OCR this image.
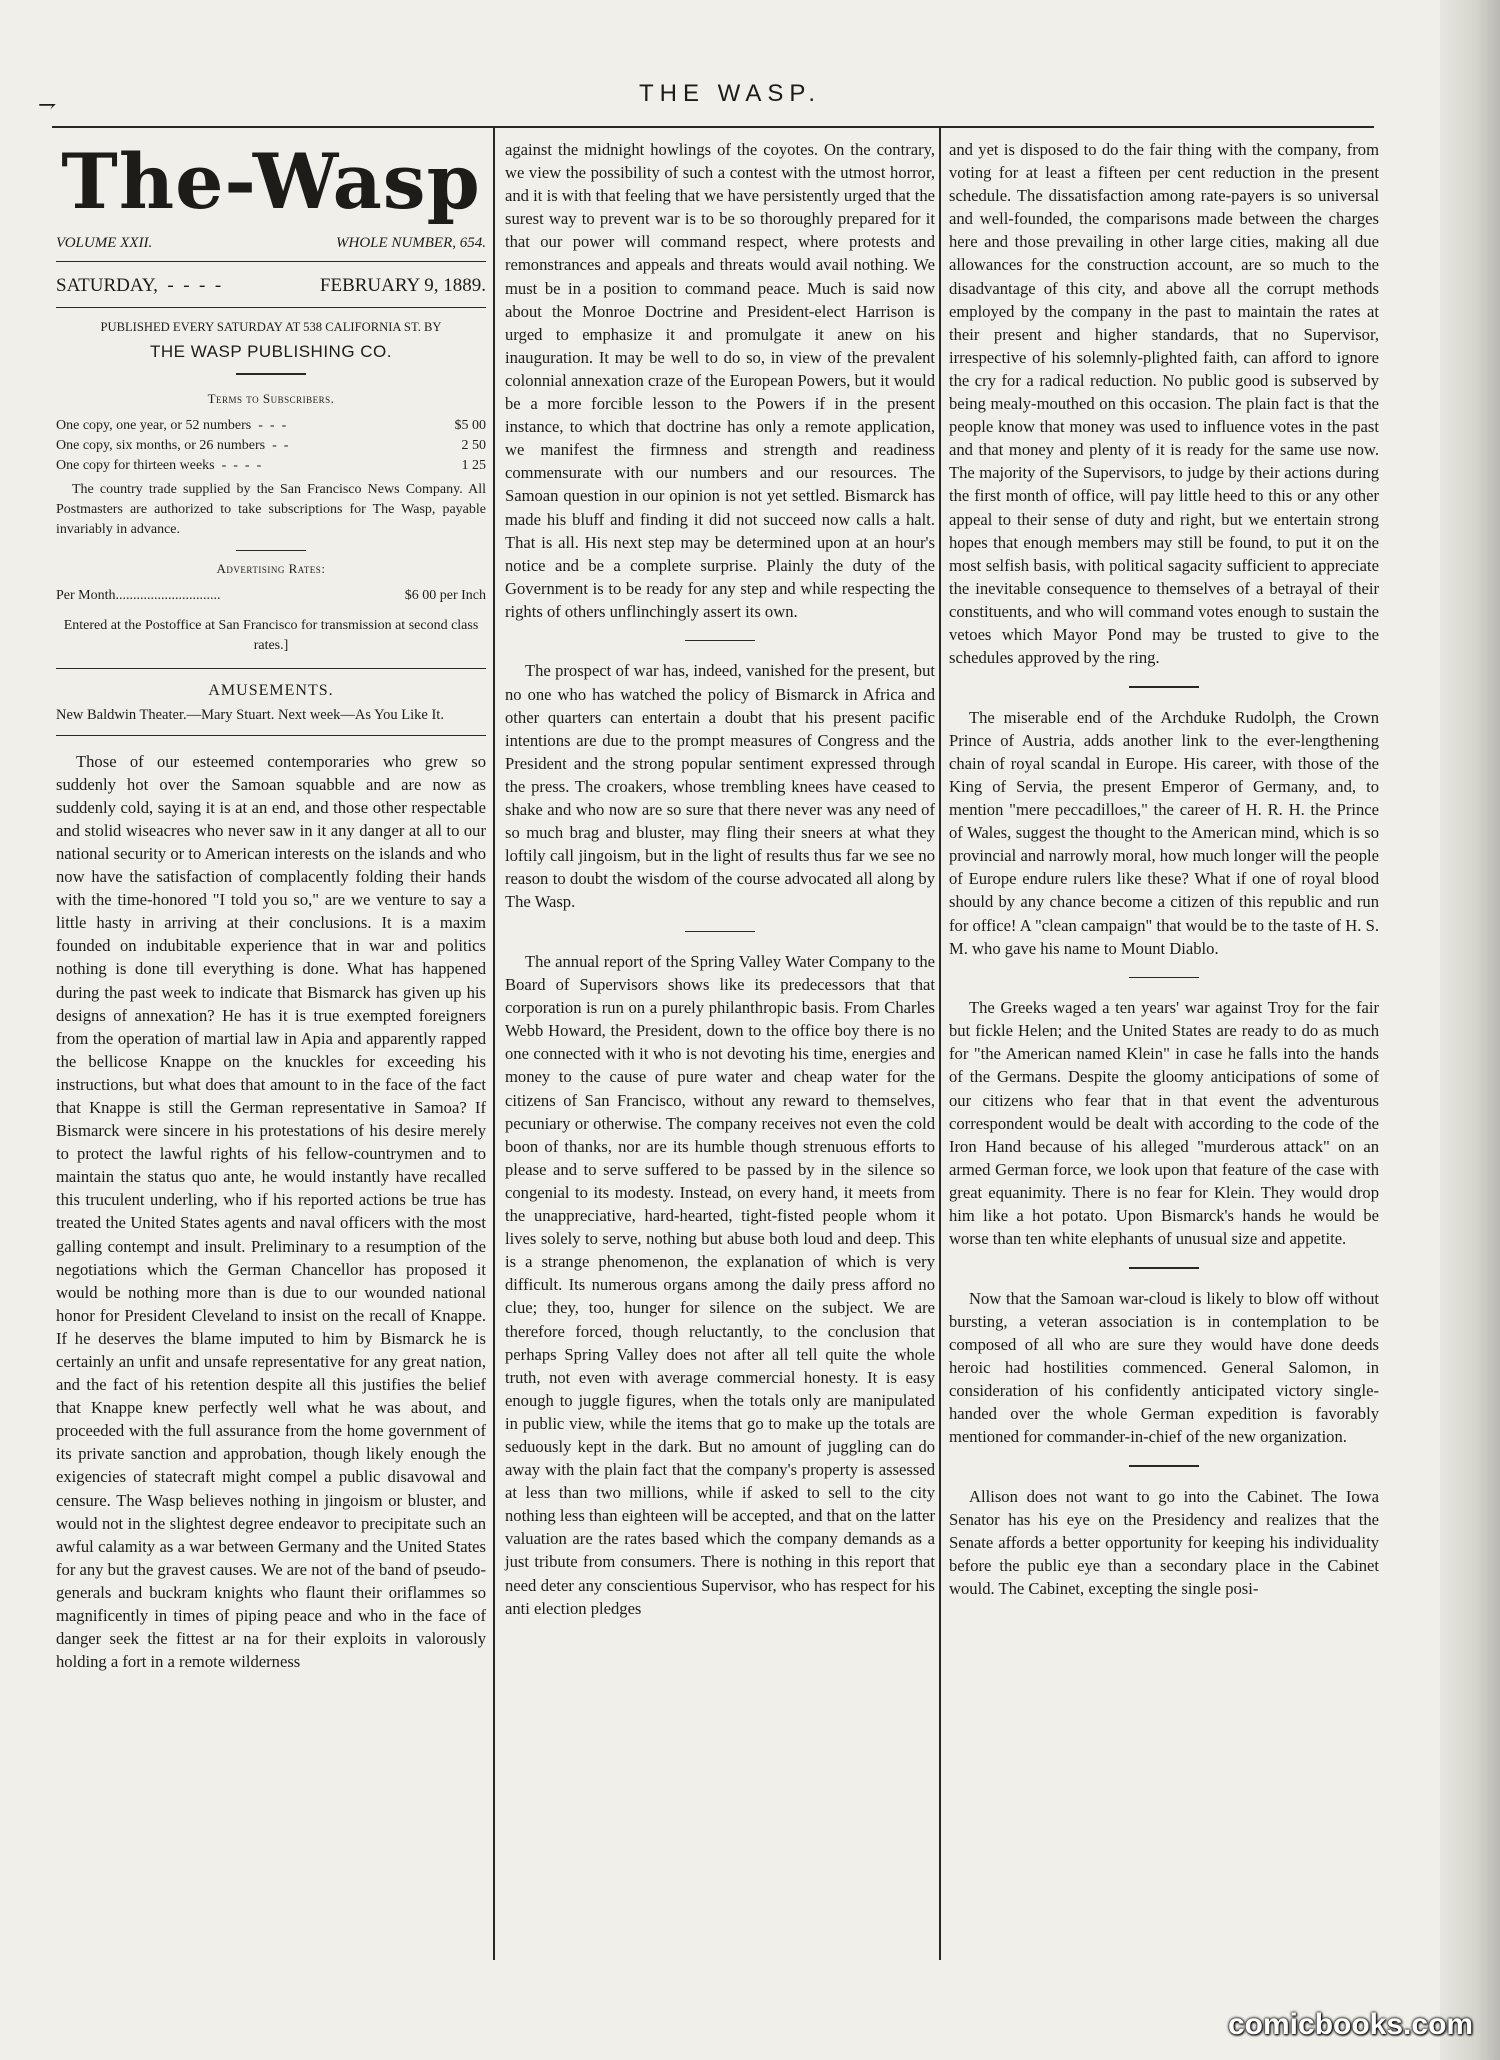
⇁	THE WASP.
The-Wasp
VOLUME XXII.	WHOLE NUMBER, 654.
SATURDAY,  -  -  -  -	FEBRUARY 9, 1889.
PUBLISHED EVERY SATURDAY AT 538 CALIFORNIA ST. BY
THE WASP PUBLISHING CO.
Terms to Subscribers.
One copy, one year, or 52 numbers  -  -  -	$5 00
One copy, six months, or 26 numbers  -  -	2 50
One copy for thirteen weeks  -  -  -  -	1 25
The country trade supplied by the San Francisco News Company. All Postmasters are authorized to take subscriptions for The Wasp, payable invariably in advance.
Advertising Rates:
Per Month..............................	$6 00 per Inch
Entered at the Postoffice at San Francisco for transmission at second class rates.]
AMUSEMENTS.
New Baldwin Theater.—Mary Stuart. Next week—As You Like It.

Those of our esteemed contemporaries who grew so suddenly hot over the Samoan squabble and are now as suddenly cold, saying it is at an end, and those other respectable and stolid wiseacres who never saw in it any danger at all to our national security or to American interests on the islands and who now have the satisfaction of complacently folding their hands with the time-honored "I told you so," are we venture to say a little hasty in arriving at their conclusions. It is a maxim founded on indubitable experience that in war and politics nothing is done till everything is done. What has happened during the past week to indicate that Bismarck has given up his designs of annexation? He has it is true exempted foreigners from the operation of martial law in Apia and apparently rapped the bellicose Knappe on the knuckles for exceeding his instructions, but what does that amount to in the face of the fact that Knappe is still the German representative in Samoa? If Bismarck were sincere in his protestations of his desire merely to protect the lawful rights of his fellow-countrymen and to maintain the status quo ante, he would instantly have recalled this truculent underling, who if his reported actions be true has treated the United States agents and naval officers with the most galling contempt and insult. Preliminary to a resumption of the negotiations which the German Chancellor has proposed it would be nothing more than is due to our wounded national honor for President Cleveland to insist on the recall of Knappe. If he deserves the blame imputed to him by Bismarck he is certainly an unfit and unsafe representative for any great nation, and the fact of his retention despite all this justifies the belief that Knappe knew perfectly well what he was about, and proceeded with the full assurance from the home government of its private sanction and approbation, though likely enough the exigencies of statecraft might compel a public disavowal and censure. The Wasp believes nothing in jingoism or bluster, and would not in the slightest degree endeavor to precipitate such an awful calamity as a war between Germany and the United States for any but the gravest causes. We are not of the band of pseudo-generals and buckram knights who flaunt their oriflammes so magnificently in times of piping peace and who in the face of danger seek the fittest ar na for their exploits in valorously holding a fort in a remote wilderness

against the midnight howlings of the coyotes. On the contrary, we view the possibility of such a contest with the utmost horror, and it is with that feeling that we have persistently urged that the surest way to prevent war is to be so thoroughly prepared for it that our power will command respect, where protests and remonstrances and appeals and threats would avail nothing. We must be in a position to command peace. Much is said now about the Monroe Doctrine and President-elect Harrison is urged to emphasize it and promulgate it anew on his inauguration. It may be well to do so, in view of the prevalent colonnial annexation craze of the European Powers, but it would be a more forcible lesson to the Powers if in the present instance, to which that doctrine has only a remote application, we manifest the firmness and strength and readiness commensurate with our numbers and our resources. The Samoan question in our opinion is not yet settled. Bismarck has made his bluff and finding it did not succeed now calls a halt. That is all. His next step may be determined upon at an hour's notice and be a complete surprise. Plainly the duty of the Government is to be ready for any step and while respecting the rights of others unflinchingly assert its own.

The prospect of war has, indeed, vanished for the present, but no one who has watched the policy of Bismarck in Africa and other quarters can entertain a doubt that his present pacific intentions are due to the prompt measures of Congress and the President and the strong popular sentiment expressed through the press. The croakers, whose trembling knees have ceased to shake and who now are so sure that there never was any need of so much brag and bluster, may fling their sneers at what they loftily call jingoism, but in the light of results thus far we see no reason to doubt the wisdom of the course advocated all along by The Wasp.

The annual report of the Spring Valley Water Company to the Board of Supervisors shows like its predecessors that that corporation is run on a purely philanthropic basis. From Charles Webb Howard, the President, down to the office boy there is no one connected with it who is not devoting his time, energies and money to the cause of pure water and cheap water for the citizens of San Francisco, without any reward to themselves, pecuniary or otherwise. The company receives not even the cold boon of thanks, nor are its humble though strenuous efforts to please and to serve suffered to be passed by in the silence so congenial to its modesty. Instead, on every hand, it meets from the unappreciative, hard-hearted, tight-fisted people whom it lives solely to serve, nothing but abuse both loud and deep. This is a strange phenomenon, the explanation of which is very difficult. Its numerous organs among the daily press afford no clue; they, too, hunger for silence on the subject. We are therefore forced, though reluctantly, to the conclusion that perhaps Spring Valley does not after all tell quite the whole truth, not even with average commercial honesty. It is easy enough to juggle figures, when the totals only are manipulated in public view, while the items that go to make up the totals are seduously kept in the dark. But no amount of juggling can do away with the plain fact that the company's property is assessed at less than two millions, while if asked to sell to the city nothing less than eighteen will be accepted, and that on the latter valuation are the rates based which the company demands as a just tribute from consumers. There is nothing in this report that need deter any conscientious Supervisor, who has respect for his anti election pledges

and yet is disposed to do the fair thing with the company, from voting for at least a fifteen per cent reduction in the present schedule. The dissatisfaction among rate-payers is so universal and well-founded, the comparisons made between the charges here and those prevailing in other large cities, making all due allowances for the construction account, are so much to the disadvantage of this city, and above all the corrupt methods employed by the company in the past to maintain the rates at their present and higher standards, that no Supervisor, irrespective of his solemnly-plighted faith, can afford to ignore the cry for a radical reduction. No public good is subserved by being mealy-mouthed on this occasion. The plain fact is that the people know that money was used to influence votes in the past and that money and plenty of it is ready for the same use now. The majority of the Supervisors, to judge by their actions during the first month of office, will pay little heed to this or any other appeal to their sense of duty and right, but we entertain strong hopes that enough members may still be found, to put it on the most selfish basis, with political sagacity sufficient to appreciate the inevitable consequence to themselves of a betrayal of their constituents, and who will command votes enough to sustain the vetoes which Mayor Pond may be trusted to give to the schedules approved by the ring.

The miserable end of the Archduke Rudolph, the Crown Prince of Austria, adds another link to the ever-lengthening chain of royal scandal in Europe. His career, with those of the King of Servia, the present Emperor of Germany, and, to mention "mere peccadilloes," the career of H. R. H. the Prince of Wales, suggest the thought to the American mind, which is so provincial and narrowly moral, how much longer will the people of Europe endure rulers like these? What if one of royal blood should by any chance become a citizen of this republic and run for office! A "clean campaign" that would be to the taste of H. S. M. who gave his name to Mount Diablo.

The Greeks waged a ten years' war against Troy for the fair but fickle Helen; and the United States are ready to do as much for "the American named Klein" in case he falls into the hands of the Germans. Despite the gloomy anticipations of some of our citizens who fear that in that event the adventurous correspondent would be dealt with according to the code of the Iron Hand because of his alleged "murderous attack" on an armed German force, we look upon that feature of the case with great equanimity. There is no fear for Klein. They would drop him like a hot potato. Upon Bismarck's hands he would be worse than ten white elephants of unusual size and appetite.

Now that the Samoan war-cloud is likely to blow off without bursting, a veteran association is in contemplation to be composed of all who are sure they would have done deeds heroic had hostilities commenced. General Salomon, in consideration of his confidently anticipated victory single-handed over the whole German expedition is favorably mentioned for commander-in-chief of the new organization.

Allison does not want to go into the Cabinet. The Iowa Senator has his eye on the Presidency and realizes that the Senate affords a better opportunity for keeping his individuality before the public eye than a secondary place in the Cabinet would. The Cabinet, excepting the single posi-

comicbooks.com
